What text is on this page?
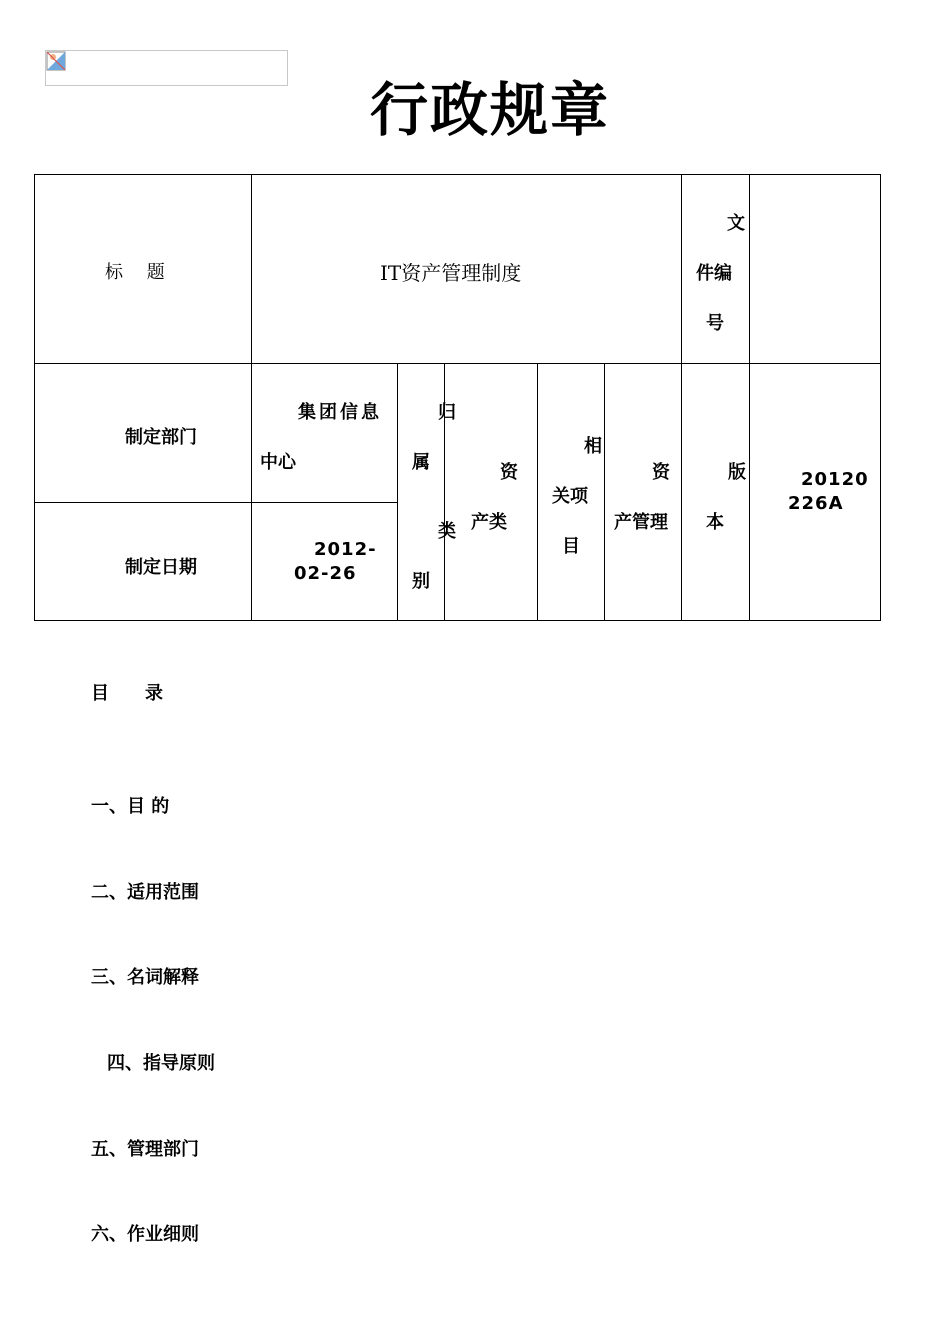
行政规章
标　 题	IT资产管理制度
文
件编
号
制定部门
集团信息
中心
制定日期
2012-
02-26
归
属
类
别
资
产类
相
关项
目
资
产管理
版
本
20120
226A
目　　录
一、目 的
二、适用范围
三、名词解释
四、指导原则
五、管理部门
六、作业细则
